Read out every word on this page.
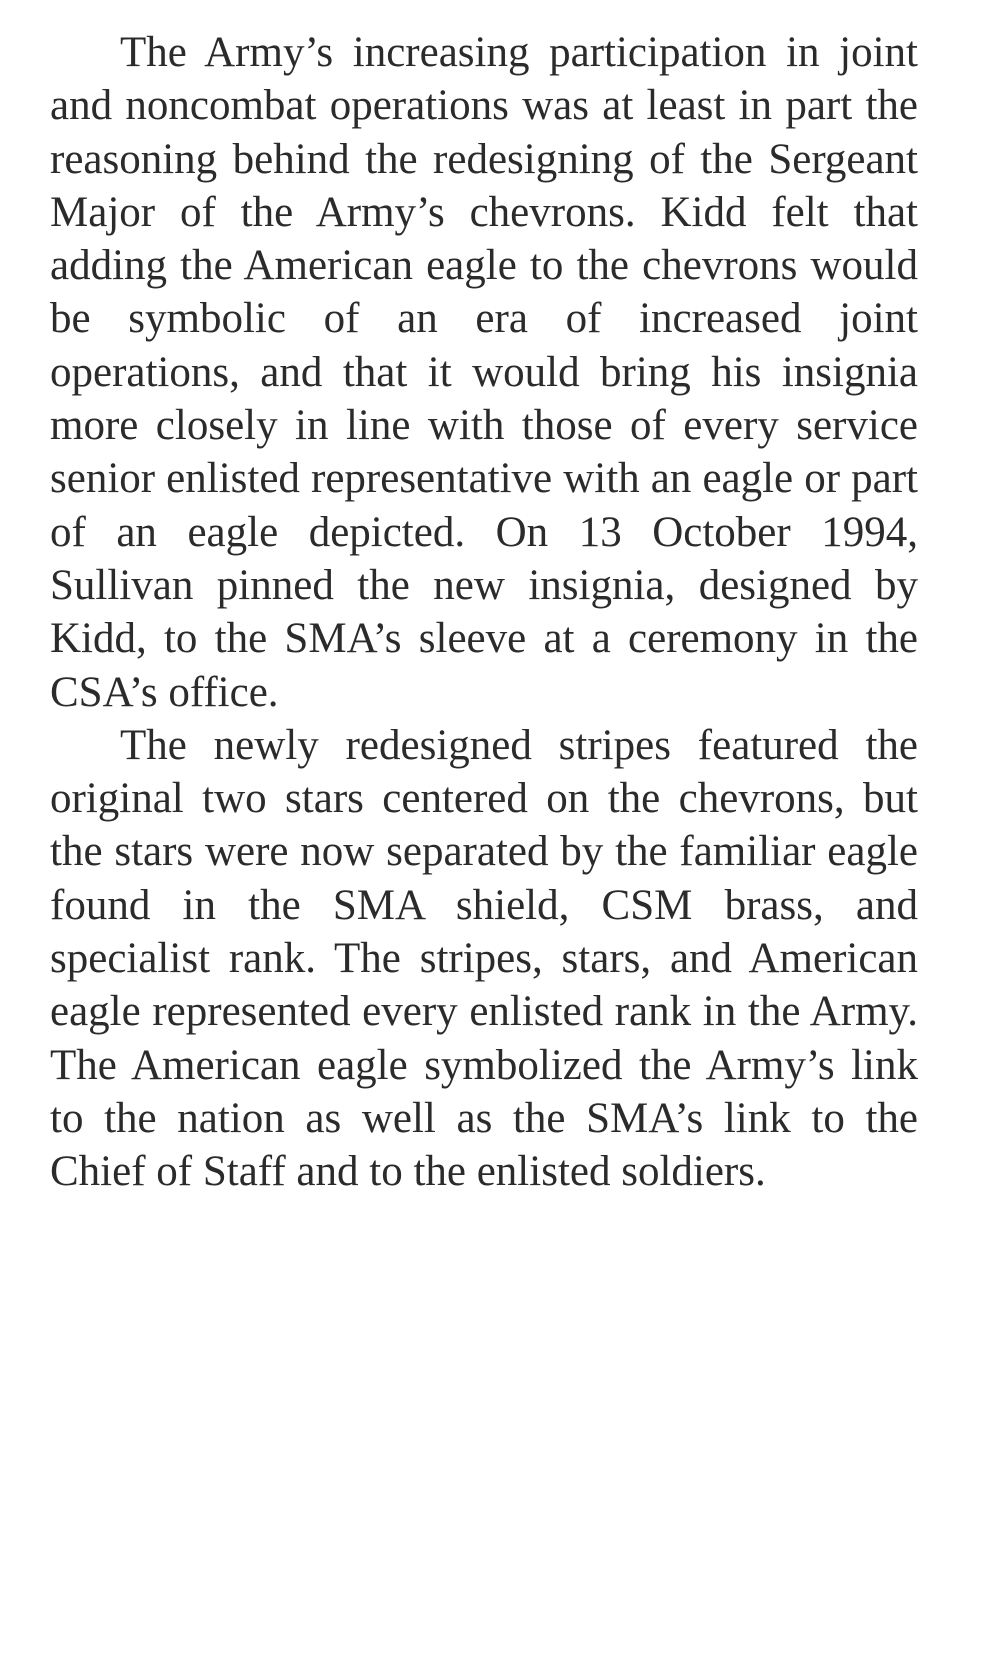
The Army’s increasing participation in joint and noncombat operations was at least in part the reasoning behind the redesigning of the Sergeant Major of the Army’s chevrons. Kidd felt that adding the American eagle to the chevrons would be symbolic of an era of increased joint operations, and that it would bring his insignia more closely in line with those of every service senior enlisted representative with an eagle or part of an eagle depicted. On 13 October 1994, Sullivan pinned the new insignia, designed by Kidd, to the SMA’s sleeve at a ceremony in the CSA’s office.

The newly redesigned stripes featured the original two stars centered on the chevrons, but the stars were now separated by the familiar eagle found in the SMA shield, CSM brass, and specialist rank. The stripes, stars, and American eagle represented every enlisted rank in the Army. The American eagle symbolized the Army’s link to the nation as well as the SMA’s link to the Chief of Staff and to the enlisted soldiers.
